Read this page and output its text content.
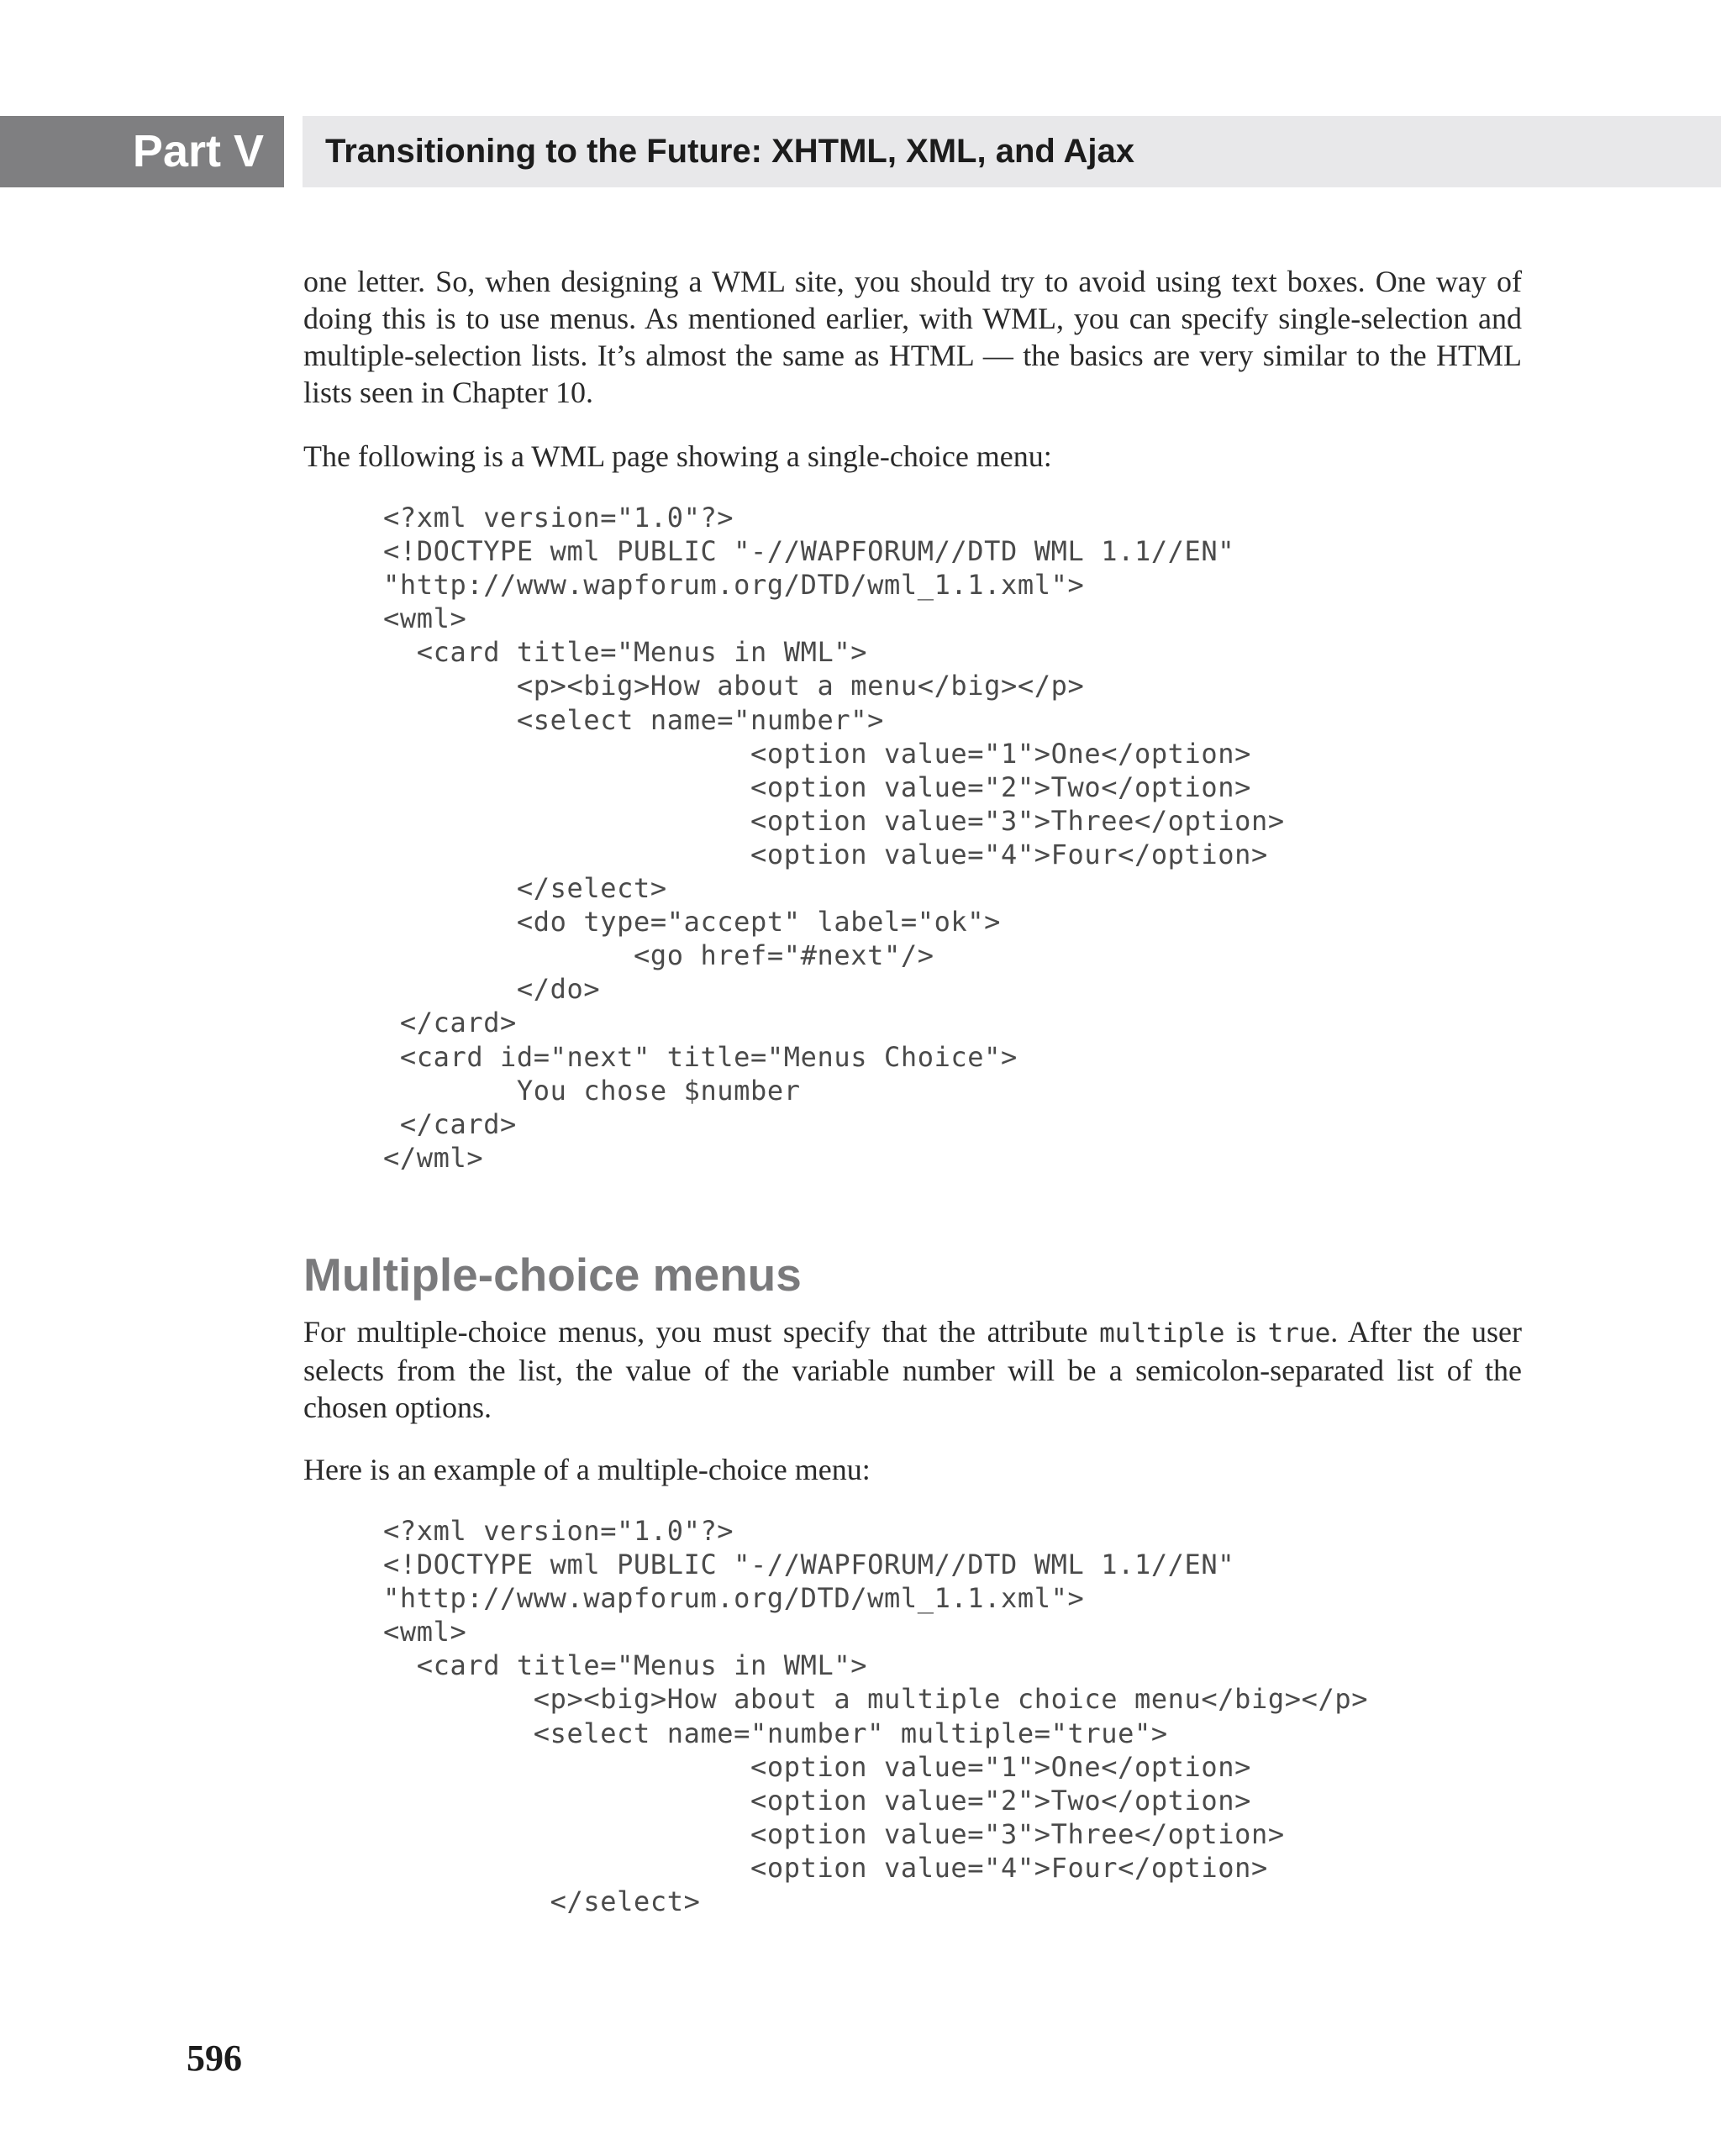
Part V	Transitioning to the Future: XHTML, XML, and Ajax

one letter. So, when designing a WML site, you should try to avoid using text boxes. One way of doing this is to use menus. As mentioned earlier, with WML, you can specify single-selection and multiple-selection lists. It’s almost the same as HTML — the basics are very similar to the HTML lists seen in Chapter 10.

The following is a WML page showing a single-choice menu:

<?xml version="1.0"?>
<!DOCTYPE wml PUBLIC "-//WAPFORUM//DTD WML 1.1//EN"
"http://www.wapforum.org/DTD/wml_1.1.xml">
<wml>
<card title="Menus in WML">
<p><big>How about a menu</big></p>
<select name="number">
<option value="1">One</option>
<option value="2">Two</option>
<option value="3">Three</option>
<option value="4">Four</option>
</select>
<do type="accept" label="ok">
<go href="#next"/>
</do>
</card>
<card id="next" title="Menus Choice">
You chose $number
</card>
</wml>
Multiple-choice menus

For multiple-choice menus, you must specify that the attribute multiple is true. After the user selects from the list, the value of the variable number will be a semicolon-separated list of the chosen options.

Here is an example of a multiple-choice menu:

<?xml version="1.0"?>
<!DOCTYPE wml PUBLIC "-//WAPFORUM//DTD WML 1.1//EN"
"http://www.wapforum.org/DTD/wml_1.1.xml">
<wml>
<card title="Menus in WML">
<p><big>How about a multiple choice menu</big></p>
<select name="number" multiple="true">
<option value="1">One</option>
<option value="2">Two</option>
<option value="3">Three</option>
<option value="4">Four</option>
</select>
596
